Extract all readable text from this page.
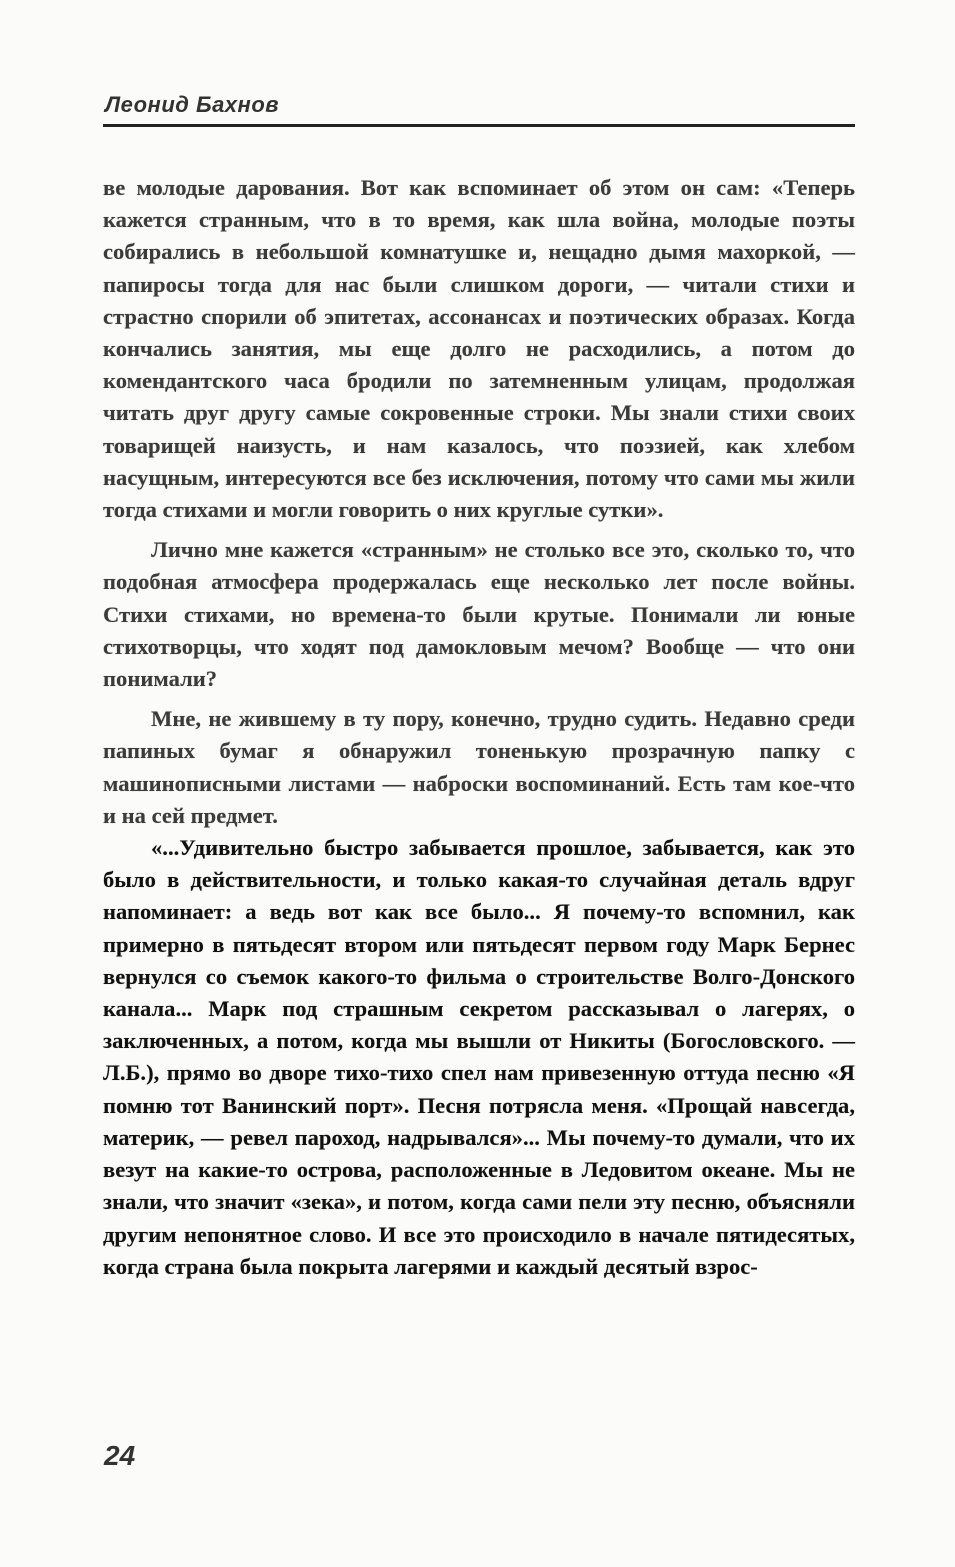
Леонид Бахнов

ве молодые дарования. Вот как вспоминает об этом он сам: «Теперь кажется странным, что в то время, как шла война, молодые поэты собирались в небольшой комнатушке и, нещадно дымя махоркой, — папиросы тогда для нас были слишком дороги, — читали стихи и страстно спорили об эпитетах, ассонансах и поэтических образах. Когда кончались занятия, мы еще долго не расходились, а потом до комендантского часа бродили по затемненным улицам, продолжая читать друг другу самые сокровенные строки. Мы знали стихи своих товарищей наизусть, и нам казалось, что поэзией, как хлебом насущным, интересуются все без исключения, потому что сами мы жили тогда стихами и могли говорить о них круглые сутки».

Лично мне кажется «странным» не столько все это, сколько то, что подобная атмосфера продержалась еще несколько лет после войны. Стихи стихами, но времена-то были крутые. Понимали ли юные стихотворцы, что ходят под дамокловым мечом? Вообще — что они понимали?

Мне, не жившему в ту пору, конечно, трудно судить. Недавно среди папиных бумаг я обнаружил тоненькую прозрачную папку с машинописными листами — наброски воспоминаний. Есть там кое-что и на сей предмет.

«...Удивительно быстро забывается прошлое, забывается, как это было в действительности, и только какая-то случайная деталь вдруг напоминает: а ведь вот как все было... Я почему-то вспомнил, как примерно в пятьдесят втором или пятьдесят первом году Марк Бернес вернулся со съемок какого-то фильма о строительстве Волго-Донского канала... Марк под страшным секретом рассказывал о лагерях, о заключенных, а потом, когда мы вышли от Никиты (Богословского. — Л.Б.), прямо во дворе тихо-тихо спел нам привезенную оттуда песню «Я помню тот Ванинский порт». Песня потрясла меня. «Прощай навсегда, материк, — ревел пароход, надрывался»... Мы почему-то думали, что их везут на какие-то острова, расположенные в Ледовитом океане. Мы не знали, что значит «зека», и потом, когда сами пели эту песню, объясняли другим непонятное слово. И все это происходило в начале пятидесятых, когда страна была покрыта лагерями и каждый десятый взрос-

24
